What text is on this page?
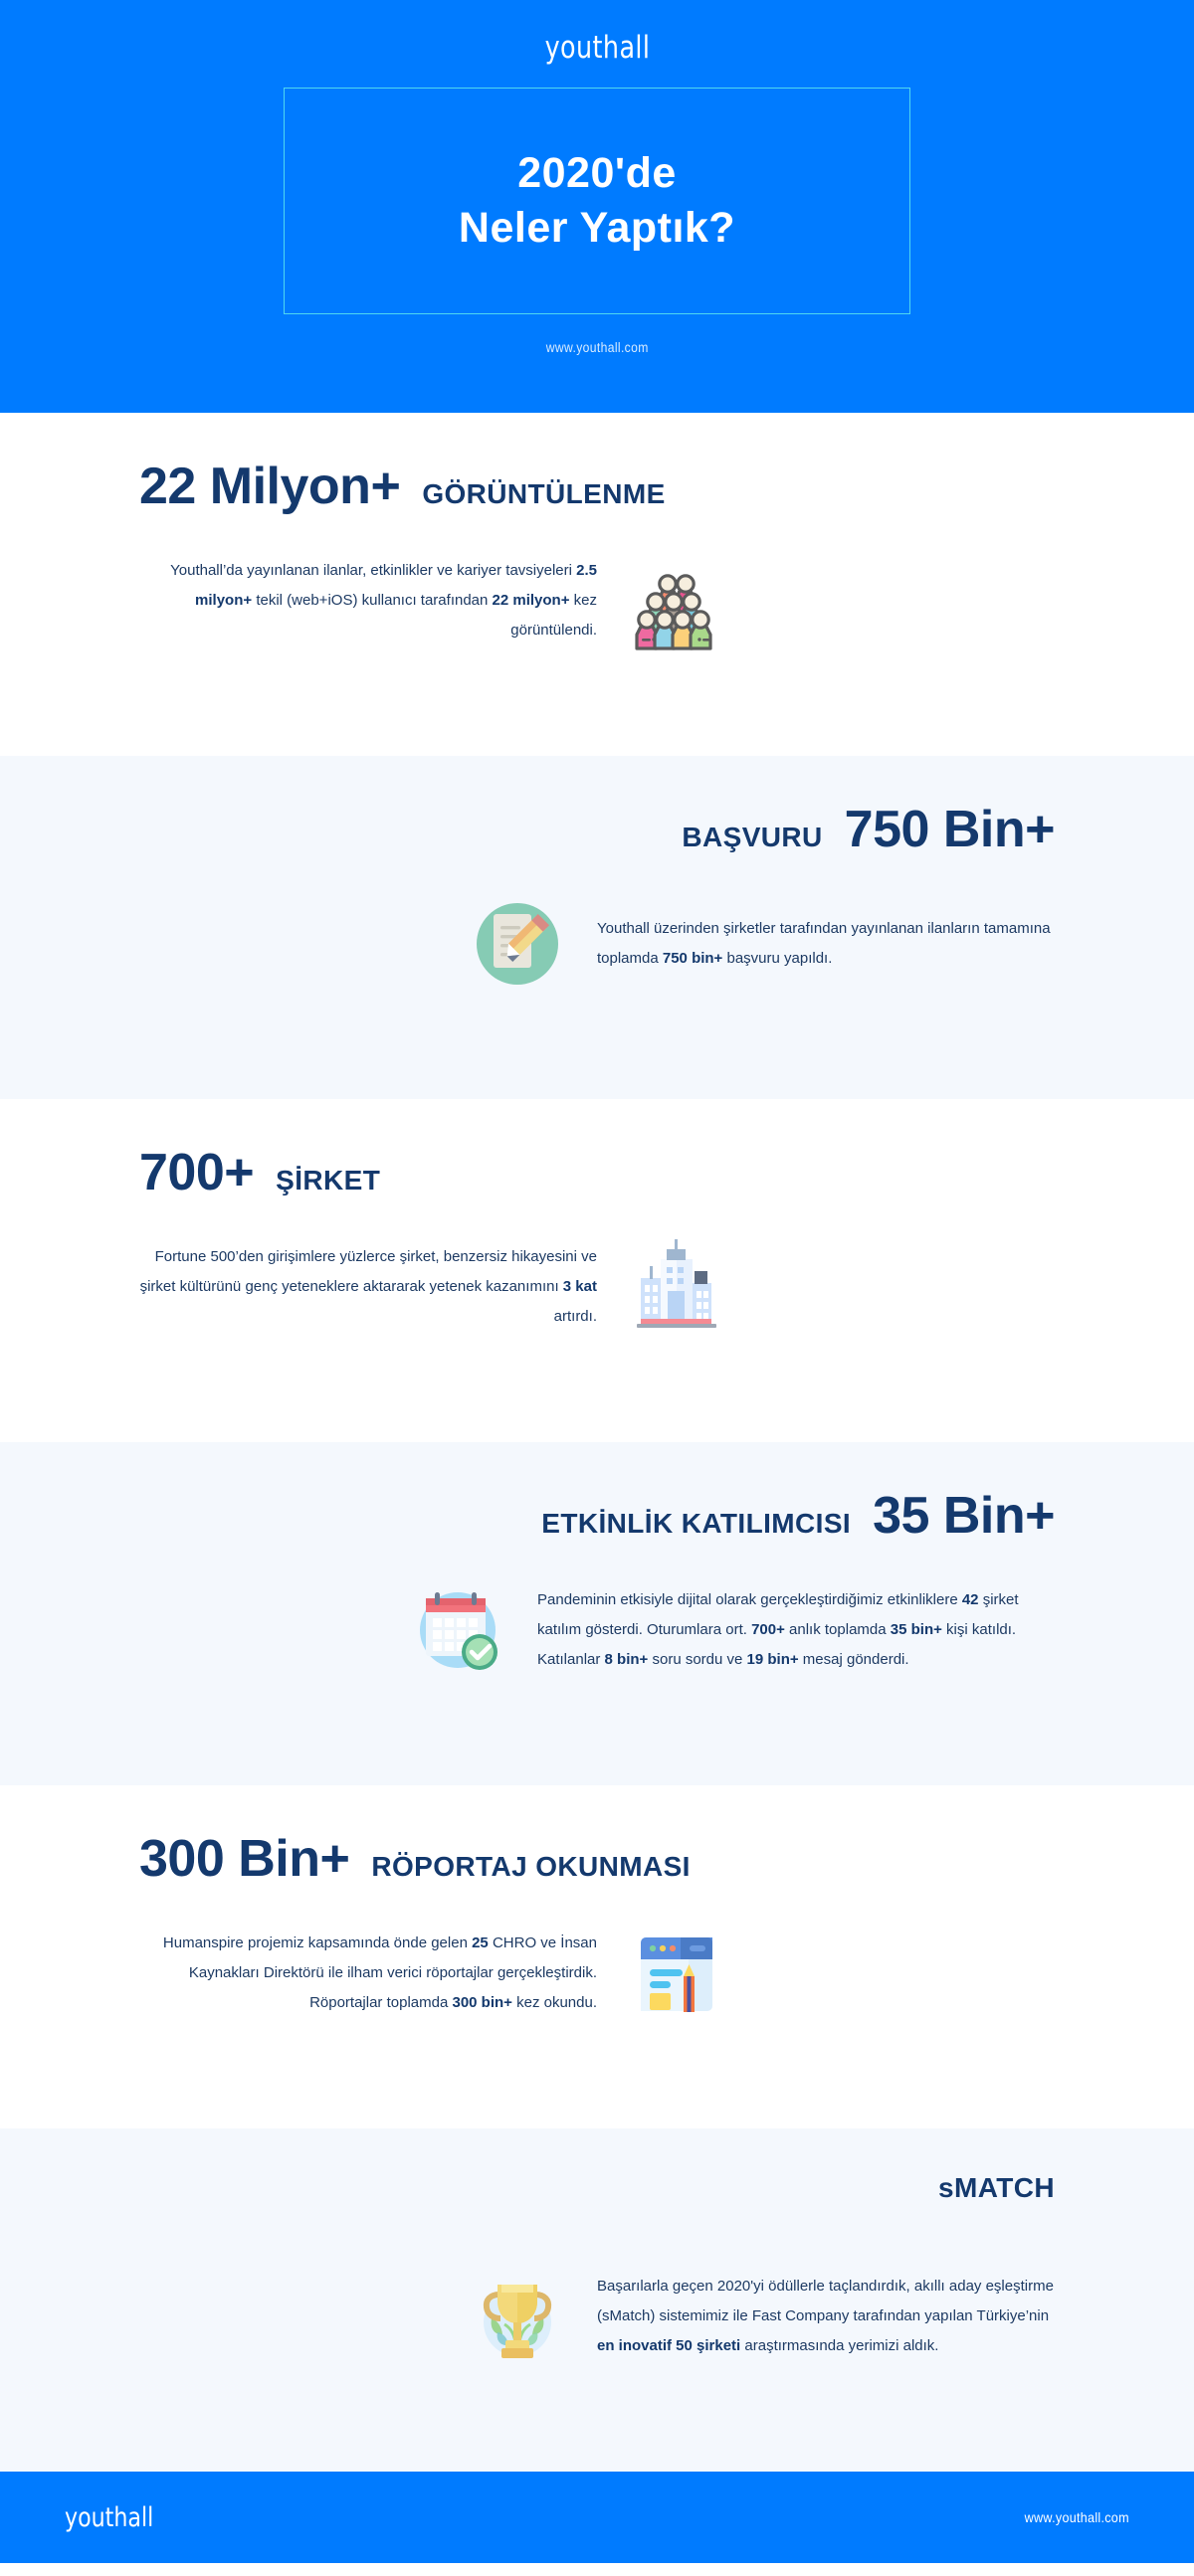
youthall
2020'de
Neler Yaptık?
www.youthall.com
22 Milyon+ GÖRÜNTÜLENME
Youthall’da yayınlanan ilanlar, etkinlikler ve kariyer tavsiyeleri 2.5 milyon+ tekil (web+iOS) kullanıcı tarafından 22 milyon+ kez görüntülendi.
BAŞVURU 750 Bin+
Youthall üzerinden şirketler tarafından yayınlanan ilanların tamamına toplamda 750 bin+ başvuru yapıldı.
700+ ŞİRKET
Fortune 500’den girişimlere yüzlerce şirket, benzersiz hikayesini ve şirket kültürünü genç yeteneklere aktararak yetenek kazanımını 3 kat artırdı.
ETKİNLİK KATILIMCISI 35 Bin+
Pandeminin etkisiyle dijital olarak gerçekleştirdiğimiz etkinliklere 42 şirket katılım gösterdi. Oturumlara ort. 700+ anlık toplamda 35 bin+ kişi katıldı. Katılanlar 8 bin+ soru sordu ve 19 bin+ mesaj gönderdi.
300 Bin+ RÖPORTAJ OKUNMASI
Humanspire projemiz kapsamında önde gelen 25 CHRO ve İnsan Kaynakları Direktörü ile ilham verici röportajlar gerçekleştirdik. Röportajlar toplamda 300 bin+ kez okundu.
sMATCH
Başarılarla geçen 2020'yi ödüllerle taçlandırdık, akıllı aday eşleştirme (sMatch) sistemimiz ile Fast Company tarafından yapılan Türkiye’nin en inovatif 50 şirketi araştırmasında yerimizi aldık.
youthall	www.youthall.com
